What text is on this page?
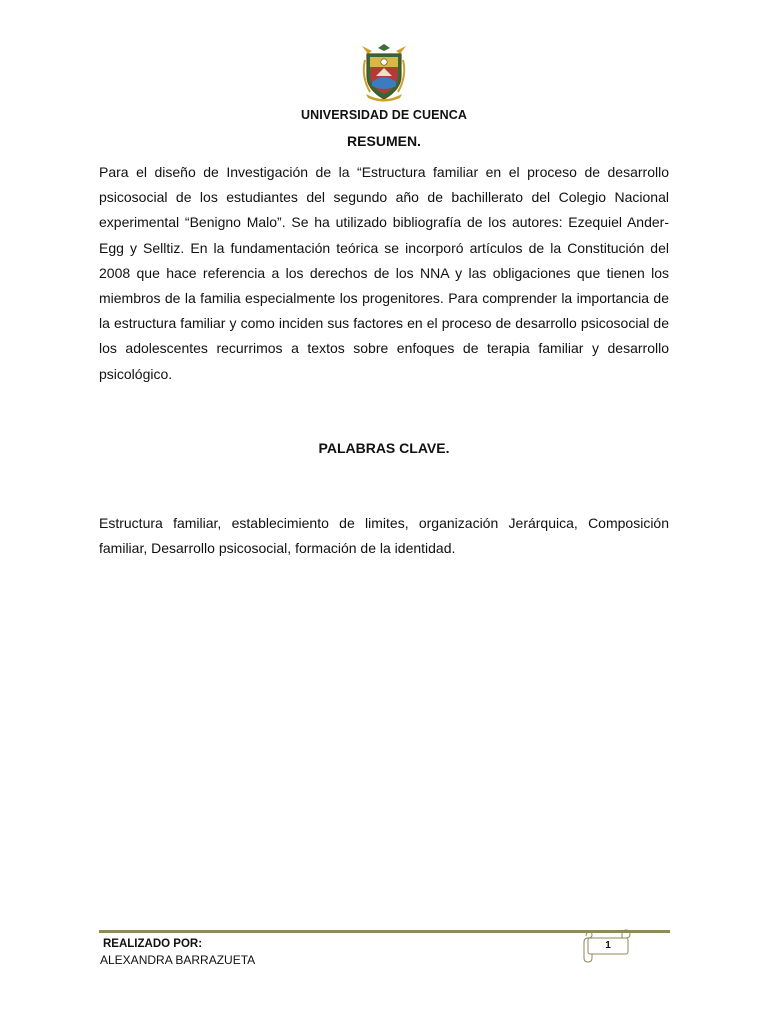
UNIVERSIDAD DE CUENCA
RESUMEN.
Para el diseño de Investigación de la “Estructura familiar en el proceso de desarrollo psicosocial de los estudiantes del segundo año de bachillerato del Colegio Nacional experimental “Benigno Malo”. Se ha utilizado bibliografía de los autores: Ezequiel Ander-Egg y Selltiz. En la fundamentación teórica se incorporó artículos de la Constitución del 2008 que hace referencia a los derechos de los NNA y las obligaciones que tienen los miembros de la familia especialmente los progenitores. Para comprender la importancia de la estructura familiar y como inciden sus factores en el proceso de desarrollo psicosocial de los adolescentes recurrimos a textos sobre enfoques de terapia familiar y desarrollo psicológico.
PALABRAS CLAVE.
Estructura familiar, establecimiento de limites, organización Jerárquica, Composición familiar, Desarrollo psicosocial, formación de la identidad.
REALIZADO POR:
ALEXANDRA BARRAZUETA
1
